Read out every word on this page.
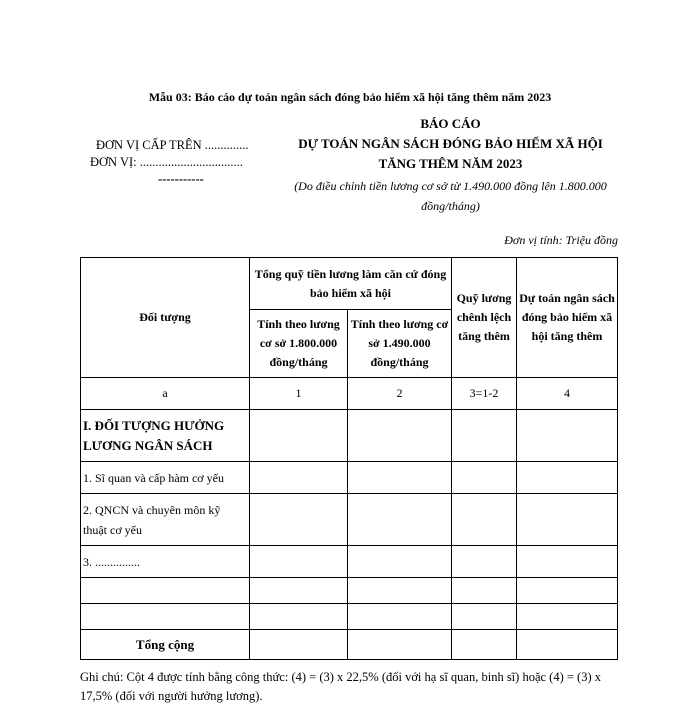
Mẫu 03: Báo cáo dự toán ngân sách đóng bảo hiểm xã hội tăng thêm năm 2023
ĐƠN VỊ CẤP TRÊN ..............
ĐƠN VỊ: .................................
-----------
BÁO CÁO
DỰ TOÁN NGÂN SÁCH ĐÓNG BẢO HIỂM XÃ HỘI TĂNG THÊM NĂM 2023
(Do điều chỉnh tiền lương cơ sở từ 1.490.000 đồng lên 1.800.000 đồng/tháng)
Đơn vị tính: Triệu đồng
Đối tượng	Tổng quỹ tiền lương làm căn cứ đóng bảo hiểm xã hội		Quỹ lương chênh lệch tăng thêm	Dự toán ngân sách đóng bảo hiểm xã hội tăng thêm
	Tính theo lương cơ sở 1.800.000 đồng/tháng	Tính theo lương cơ sở 1.490.000 đồng/tháng		
a	1	2	3=1-2	4
I. ĐỐI TƯỢNG HƯỞNG LƯƠNG NGÂN SÁCH				
1. Sĩ quan và cấp hàm cơ yếu				
2. QNCN và chuyên môn kỹ thuật cơ yếu				
3. ...............				

Tổng cộng				
Ghi chú: Cột 4 được tính bằng công thức: (4) = (3) x 22,5% (đối với hạ sĩ quan, binh sĩ) hoặc (4) = (3) x 17,5% (đối với người hưởng lương).
